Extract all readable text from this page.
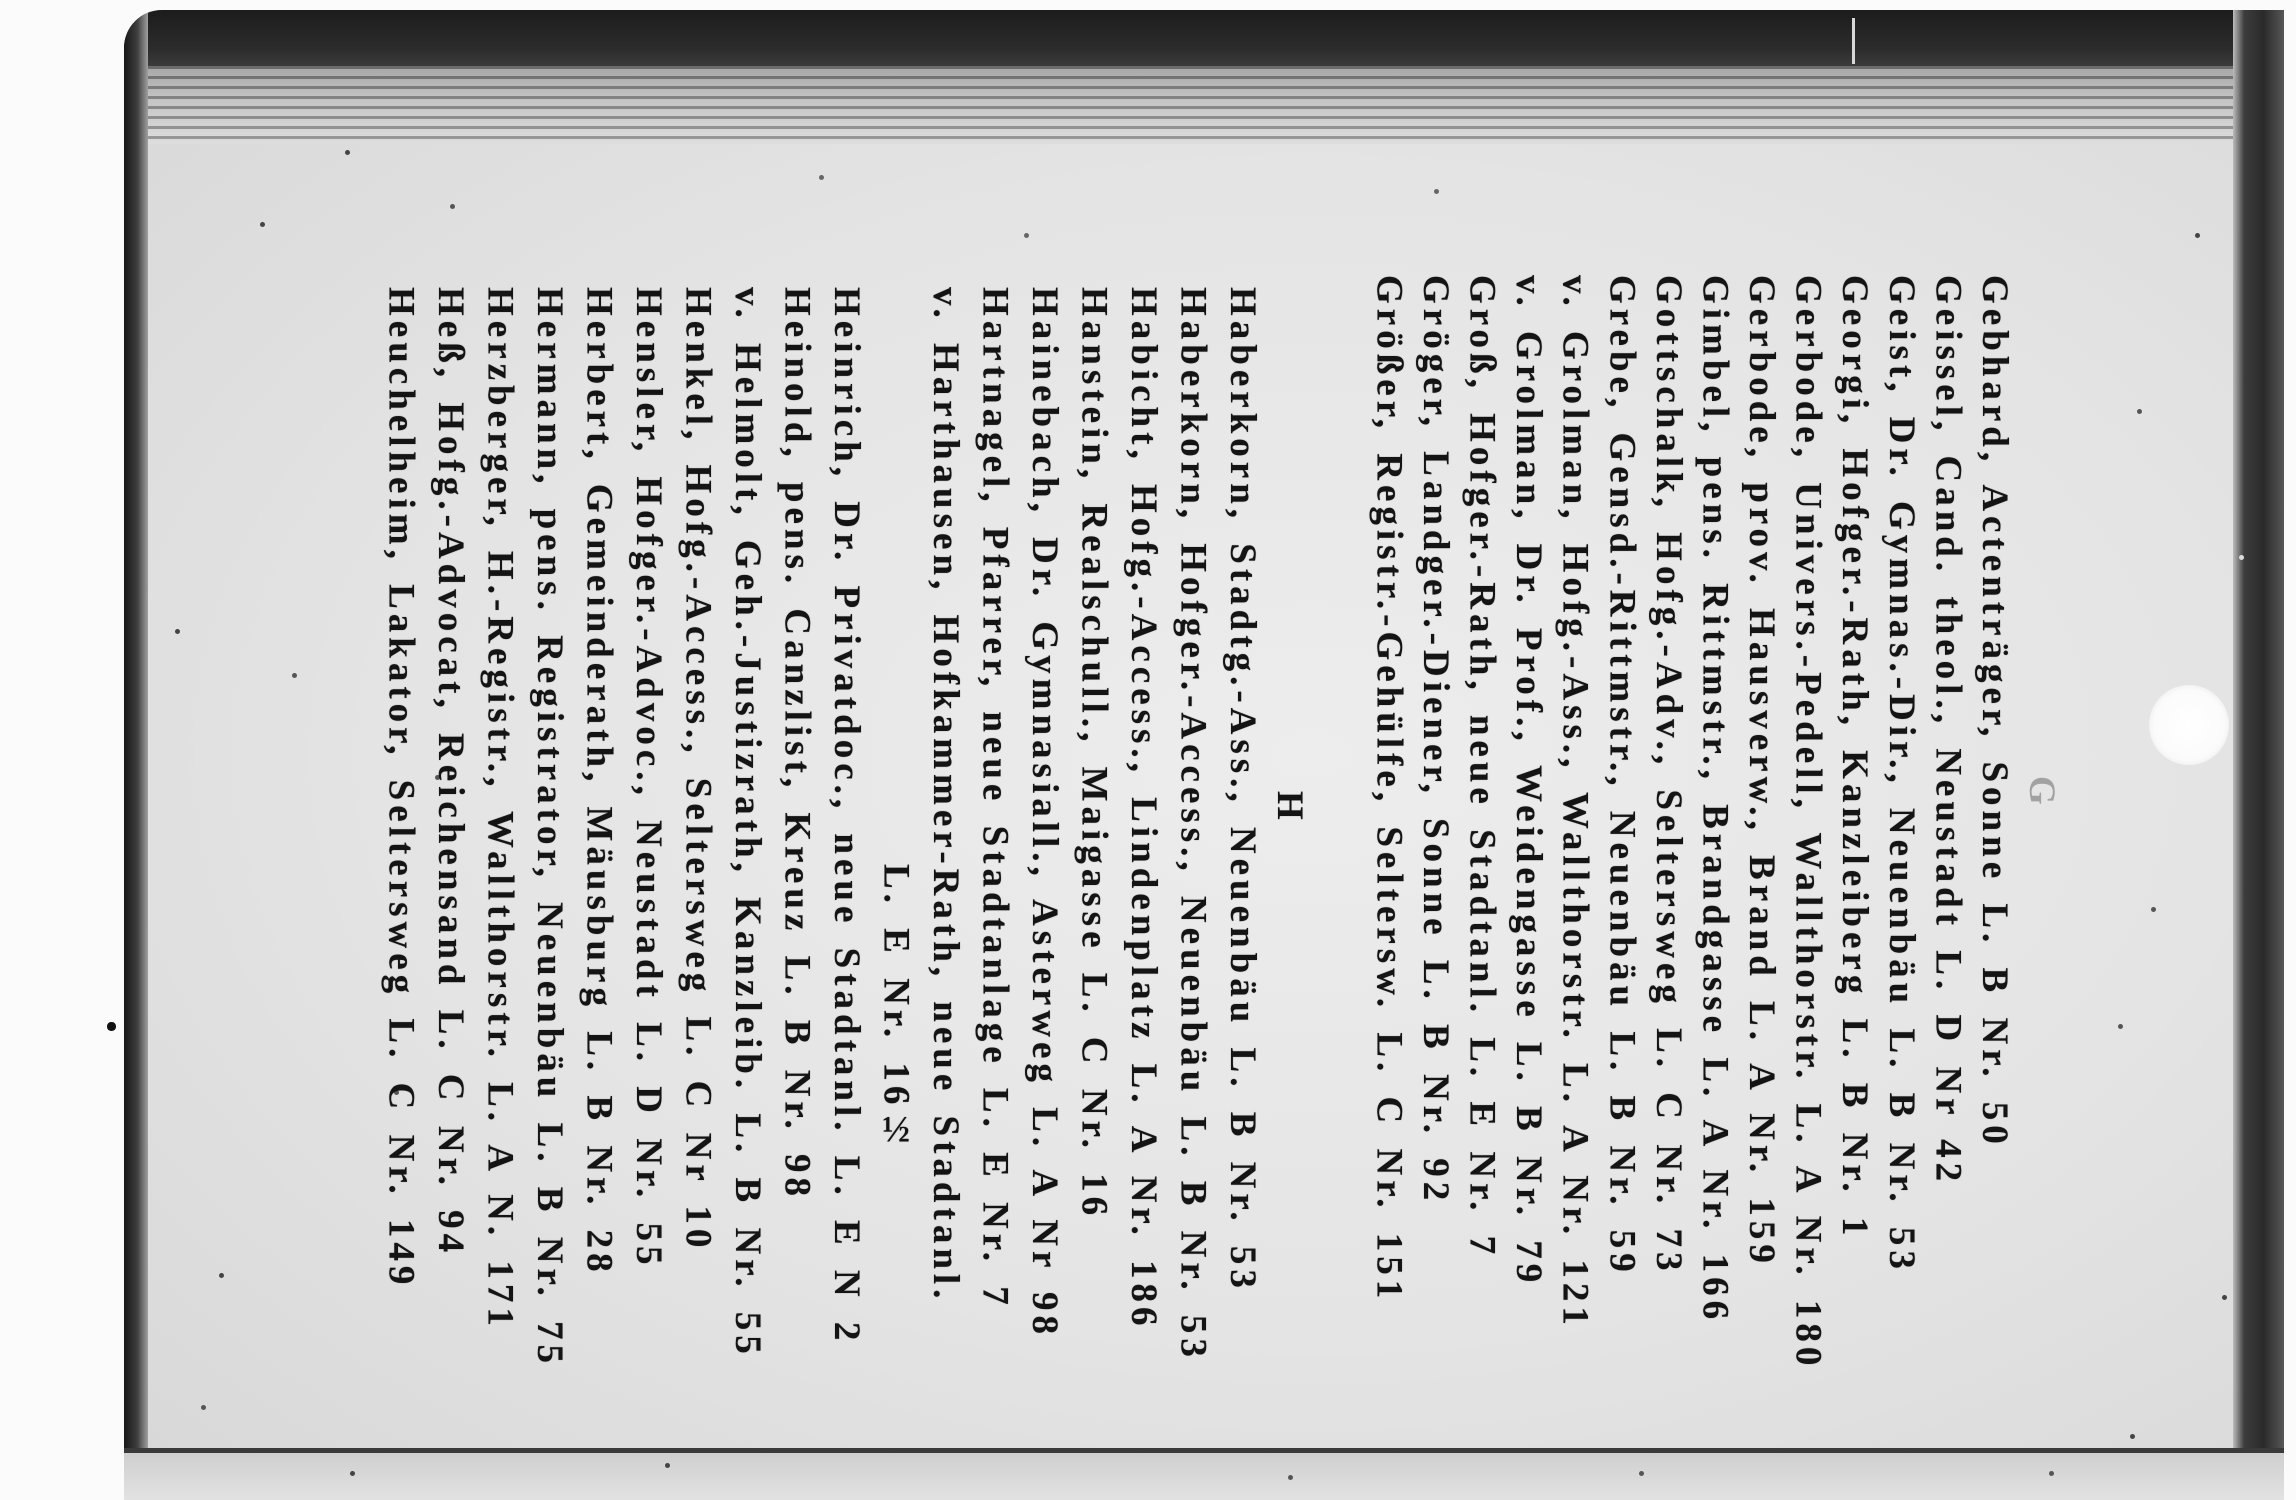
G
Gebhard, Actenträger, Sonne L. B Nr. 50
Geissel, Cand. theol., Neustadt L. D Nr 42
Geist, Dr. Gymnas.-Dir., Neuenbäu L. B Nr. 53
Georgi, Hofger.-Rath, Kanzleiberg L. B Nr. 1
Gerbode, Univers.-Pedell, Wallthorstr. L. A Nr. 180
Gerbode, prov. Hausverw., Brand L. A Nr. 159
Gimbel, pens. Rittmstr., Brandgasse L. A Nr. 166
Gottschalk, Hofg.-Adv., Seltersweg L. C Nr. 73
Grebe, Gensd.-Rittmstr., Neuenbäu L. B Nr. 59
v. Grolman, Hofg.-Ass., Wallthorstr. L. A Nr. 121
v. Grolman, Dr. Prof., Weidengasse L. B Nr. 79
Groß, Hofger.-Rath, neue Stadtanl. L. E Nr. 7
Gröger, Landger.-Diener, Sonne L. B Nr. 92
Größer, Registr.-Gehülfe, Seltersw. L. C Nr. 151
H
Haberkorn, Stadtg.-Ass., Neuenbäu L. B Nr. 53
Haberkorn, Hofger.-Access., Neuenbäu L. B Nr. 53
Habicht, Hofg.-Access., Lindenplatz L. A Nr. 186
Hanstein, Realschull., Maigasse L. C Nr. 16
Hainebach, Dr. Gymnasiall., Asterweg L. A Nr 98
Hartnagel, Pfarrer, neue Stadtanlage L. E Nr. 7
v. Harthausen, Hofkammer-Rath, neue Stadtanl.
L. E Nr. 16½
Heinrich, Dr. Privatdoc., neue Stadtanl. L. E N 2
Heinold, pens. Canzlist, Kreuz L. B Nr. 98
v. Helmolt, Geh.-Justizrath, Kanzleib. L. B Nr. 55
Henkel, Hofg.-Access., Seltersweg L. C Nr 10
Hensler, Hofger.-Advoc., Neustadt L. D Nr. 55
Herbert, Gemeinderath, Mäusburg L. B Nr. 28
Hermann, pens. Registrator, Neuenbäu L. B Nr. 75
Herzberger, H.-Registr., Wallthorstr. L. A N. 171
Heß, Hofg.-Advocat, Reichensand L. C Nr. 94
Heuchelheim, Lakator, Seltersweg L. C Nr. 149
